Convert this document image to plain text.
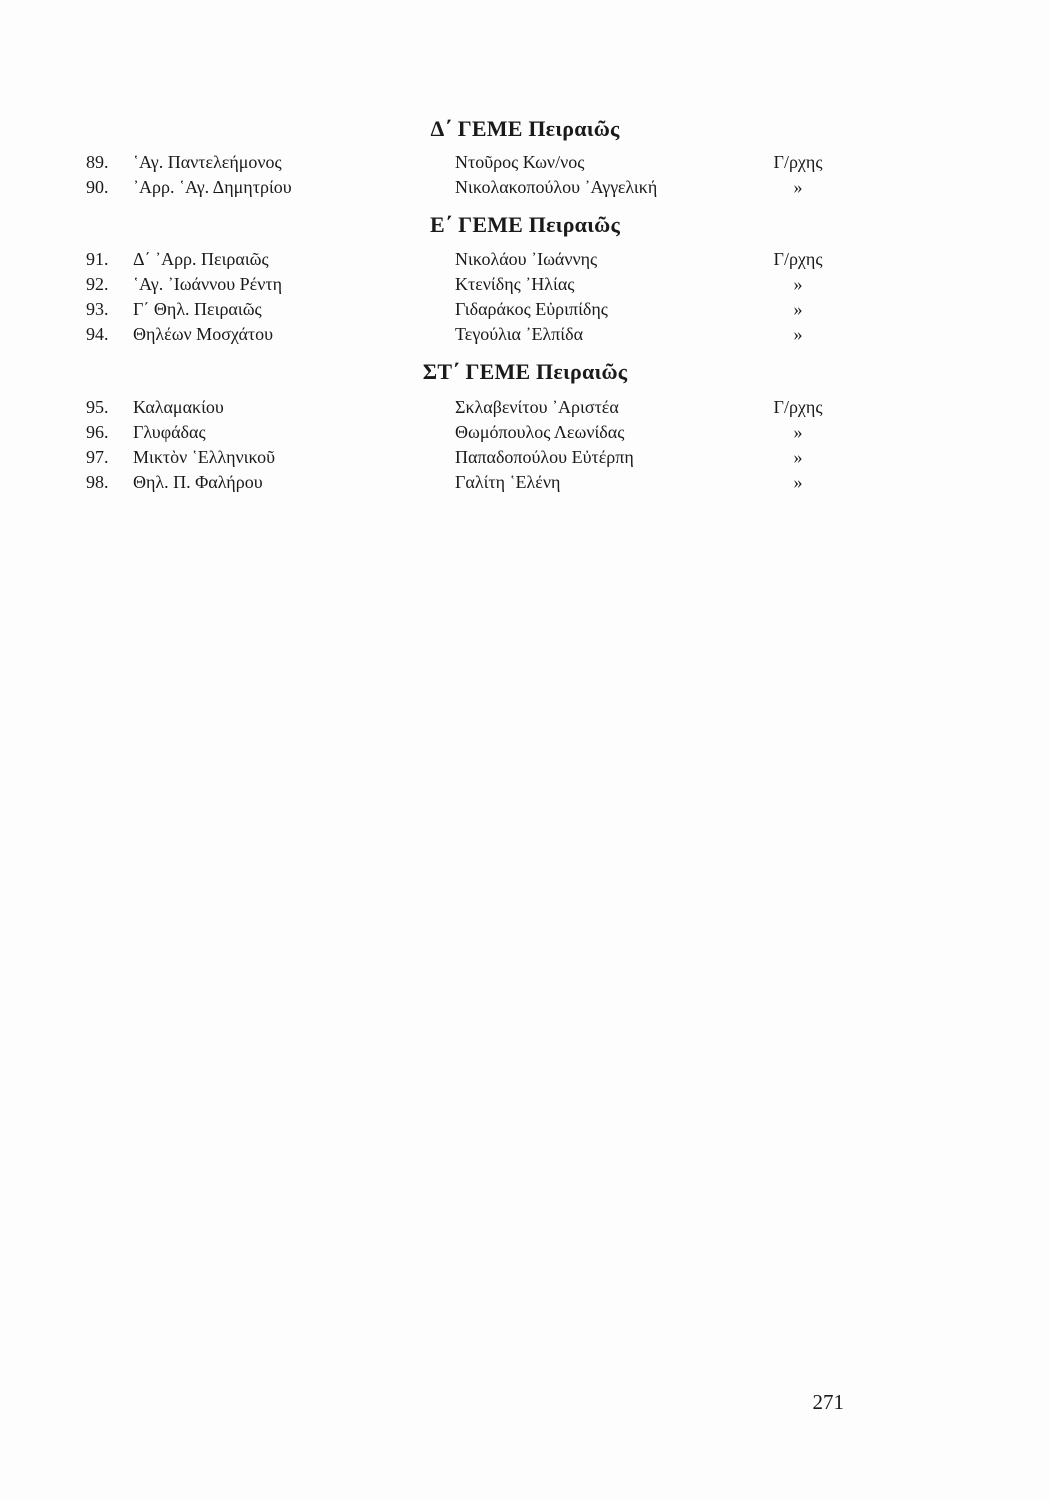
Δ΄ ΓΕΜΕ Πειραιῶς
89. ῾Αγ. Παντελεήμονος	Ντοῦρος Κων/νος	Γ/ρχης
90. ᾿Αρρ. ῾Αγ. Δημητρίου	Νικολακοπούλου ᾿Αγγελική	»
Ε΄ ΓΕΜΕ Πειραιῶς
91. Δ΄ ᾿Αρρ. Πειραιῶς	Νικολάου ᾿Ιωάννης	Γ/ρχης
92. ῾Αγ. ᾿Ιωάννου Ρέντη	Κτενίδης ᾿Ηλίας	»
93. Γ΄ Θηλ. Πειραιῶς	Γιδαράκος Εὐριπίδης	»
94. Θηλέων Μοσχάτου	Τεγούλια ᾿Ελπίδα	»
ΣΤ΄ ΓΕΜΕ Πειραιῶς
95. Καλαμακίου	Σκλαβενίτου ᾿Αριστέα	Γ/ρχης
96. Γλυφάδας	Θωμόπουλος Λεωνίδας	»
97. Μικτὸν ῾Ελληνικοῦ	Παπαδοπούλου Εὐτέρπη	»
98. Θηλ. Π. Φαλήρου	Γαλίτη ῾Ελένη	»
271
